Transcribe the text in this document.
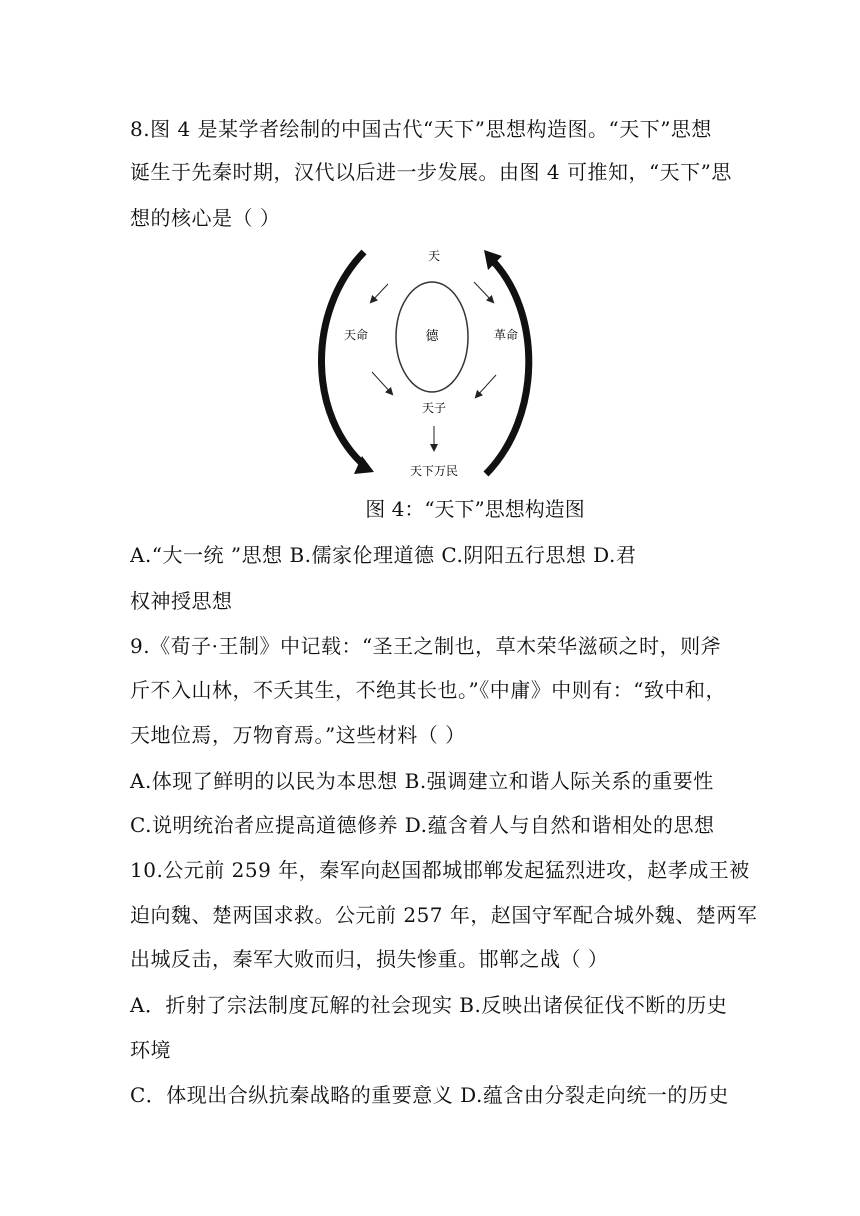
8.图 4 是某学者绘制的中国古代“天下”思想构造图。“天下”思想
诞生于先秦时期，汉代以后进一步发展。由图 4 可推知，“天下”思
想的核心是（ ）
天
德
天命	革命
天子
天下万民
图 4：“天下”思想构造图
A.“大一统 ”思想 B.儒家伦理道德 C.阴阳五行思想 D.君
权神授思想
9.《荀子·王制》中记载：“圣王之制也，草木荣华滋硕之时，则斧
斤不入山林，不夭其生，不绝其长也。”《中庸》中则有：“致中和，
天地位焉，万物育焉。”这些材料（ ）
A.体现了鲜明的以民为本思想 B.强调建立和谐人际关系的重要性
C.说明统治者应提高道德修养 D.蕴含着人与自然和谐相处的思想
10.公元前 259 年，秦军向赵国都城邯郸发起猛烈进攻，赵孝成王被
迫向魏、楚两国求救。公元前 257 年，赵国守军配合城外魏、楚两军
出城反击，秦军大败而归，损失惨重。邯郸之战（ ）
A．折射了宗法制度瓦解的社会现实 B.反映出诸侯征伐不断的历史
环境
C．体现出合纵抗秦战略的重要意义 D.蕴含由分裂走向统一的历史
